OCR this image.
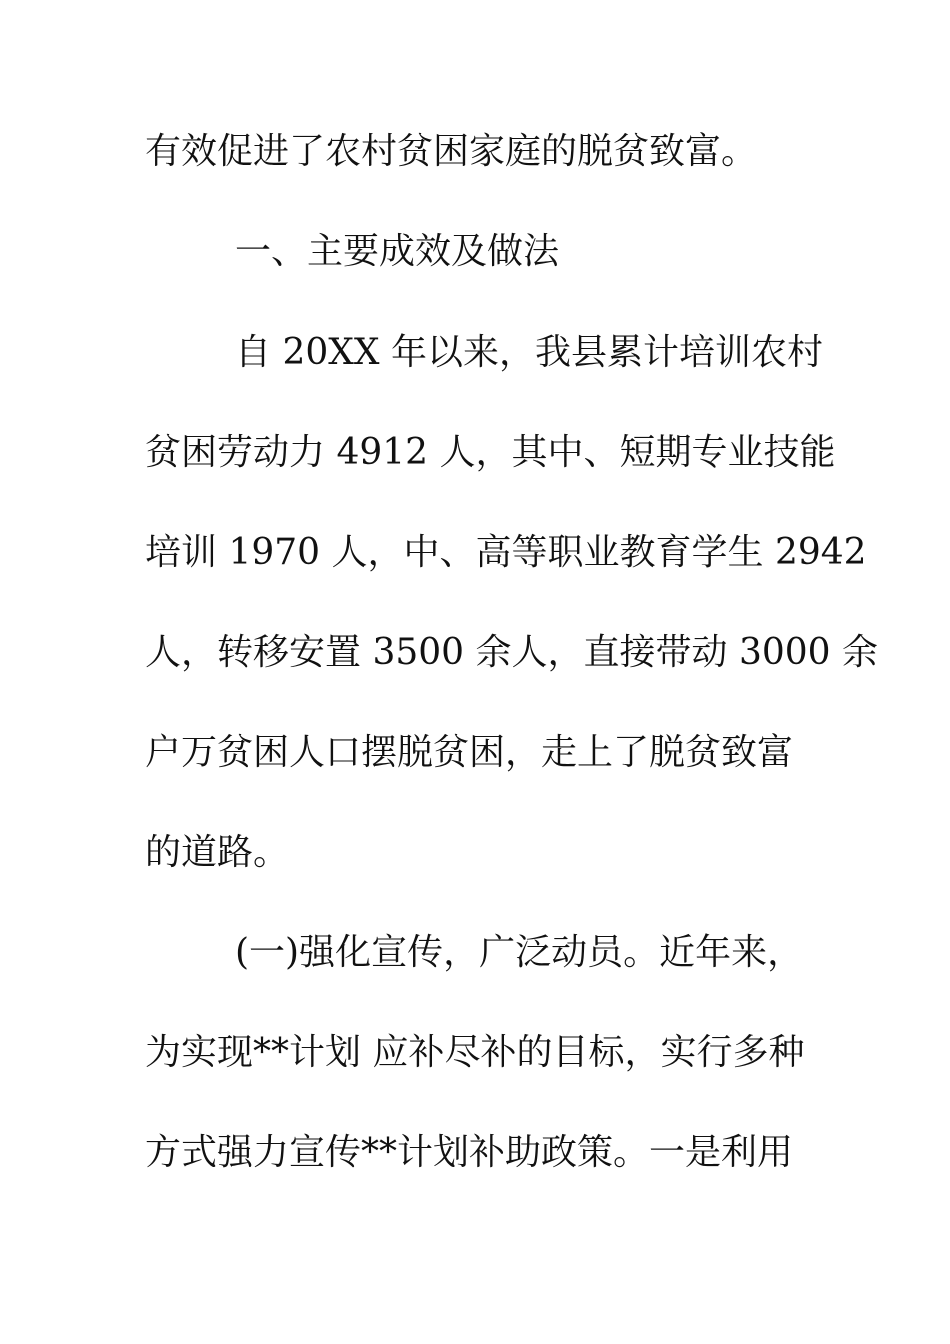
有效促进了农村贫困家庭的脱贫致富。
一、主要成效及做法
自 20XX 年以来，我县累计培训农村
贫困劳动力 4912 人，其中、短期专业技能
培训 1970 人，中、高等职业教育学生 2942
人，转移安置 3500 余人，直接带动 3000 余
户万贫困人口摆脱贫困，走上了脱贫致富
的道路。
(一)强化宣传，广泛动员。近年来，
为实现**计划 应补尽补的目标，实行多种
方式强力宣传**计划补助政策。一是利用
